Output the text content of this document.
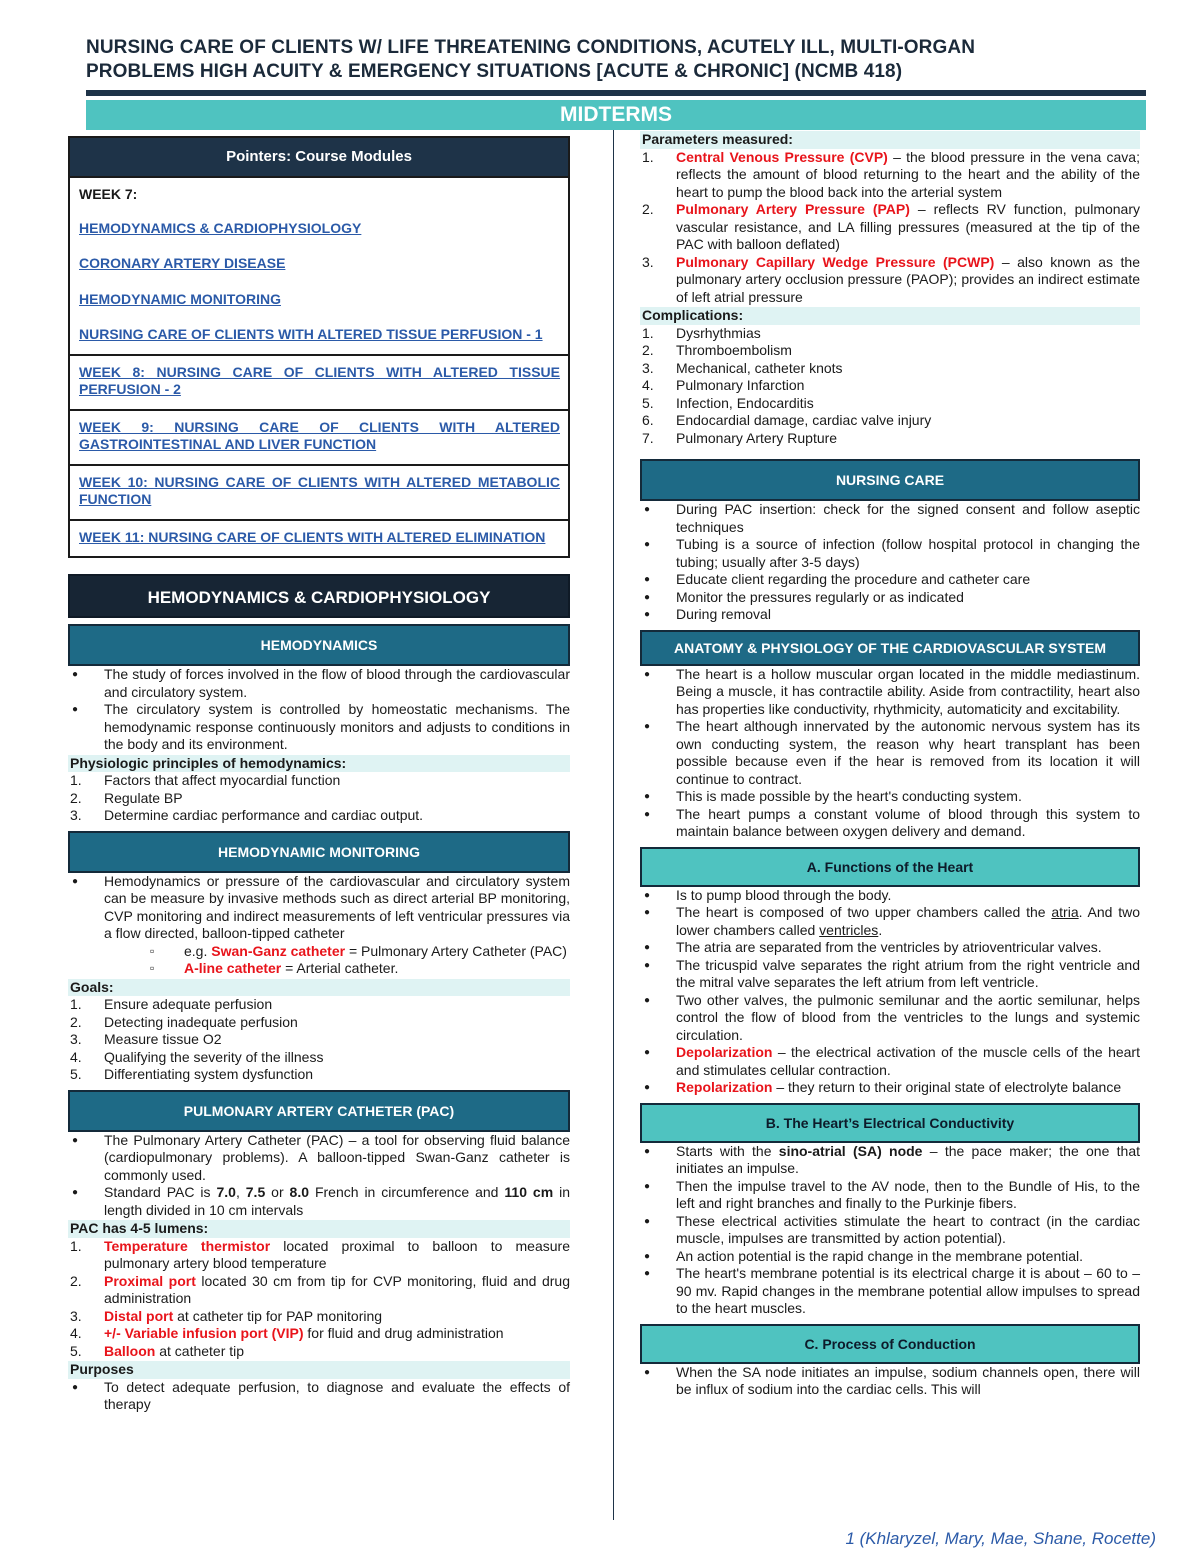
NURSING CARE OF CLIENTS W/ LIFE THREATENING CONDITIONS, ACUTELY ILL, MULTI-ORGAN
PROBLEMS HIGH ACUITY & EMERGENCY SITUATIONS [ACUTE & CHRONIC] (NCMB 418)
MIDTERMS
Pointers: Course Modules
WEEK 7:
HEMODYNAMICS & CARDIOPHYSIOLOGY
CORONARY ARTERY DISEASE
HEMODYNAMIC MONITORING
NURSING CARE OF CLIENTS WITH ALTERED TISSUE PERFUSION - 1
WEEK 8: NURSING CARE OF CLIENTS WITH ALTERED TISSUE PERFUSION - 2
WEEK 9: NURSING CARE OF CLIENTS WITH ALTERED GASTROINTESTINAL AND LIVER FUNCTION
WEEK 10: NURSING CARE OF CLIENTS WITH ALTERED METABOLIC FUNCTION
WEEK 11: NURSING CARE OF CLIENTS WITH ALTERED ELIMINATION
HEMODYNAMICS & CARDIOPHYSIOLOGY
HEMODYNAMICS
● The study of forces involved in the flow of blood through the cardiovascular and circulatory system.
● The circulatory system is controlled by homeostatic mechanisms. The hemodynamic response continuously monitors and adjusts to conditions in the body and its environment.
Physiologic principles of hemodynamics:
1. Factors that affect myocardial function
2. Regulate BP
3. Determine cardiac performance and cardiac output.
HEMODYNAMIC MONITORING
● Hemodynamics or pressure of the cardiovascular and circulatory system can be measure by invasive methods such as direct arterial BP monitoring, CVP monitoring and indirect measurements of left ventricular pressures via a flow directed, balloon-tipped catheter
▫ e.g. Swan-Ganz catheter = Pulmonary Artery Catheter (PAC)
▫ A-line catheter = Arterial catheter.
Goals:
1. Ensure adequate perfusion
2. Detecting inadequate perfusion
3. Measure tissue O2
4. Qualifying the severity of the illness
5. Differentiating system dysfunction
PULMONARY ARTERY CATHETER (PAC)
● The Pulmonary Artery Catheter (PAC) – a tool for observing fluid balance (cardiopulmonary problems). A balloon-tipped Swan-Ganz catheter is commonly used.
● Standard PAC is 7.0, 7.5 or 8.0 French in circumference and 110 cm in length divided in 10 cm intervals
PAC has 4-5 lumens:
1. Temperature thermistor located proximal to balloon to measure pulmonary artery blood temperature
2. Proximal port located 30 cm from tip for CVP monitoring, fluid and drug administration
3. Distal port at catheter tip for PAP monitoring
4. +/- Variable infusion port (VIP) for fluid and drug administration
5. Balloon at catheter tip
Purposes
● To detect adequate perfusion, to diagnose and evaluate the effects of therapy
Parameters measured:
1. Central Venous Pressure (CVP) – the blood pressure in the vena cava; reflects the amount of blood returning to the heart and the ability of the heart to pump the blood back into the arterial system
2. Pulmonary Artery Pressure (PAP) – reflects RV function, pulmonary vascular resistance, and LA filling pressures (measured at the tip of the PAC with balloon deflated)
3. Pulmonary Capillary Wedge Pressure (PCWP) – also known as the pulmonary artery occlusion pressure (PAOP); provides an indirect estimate of left atrial pressure
Complications:
1. Dysrhythmias
2. Thromboembolism
3. Mechanical, catheter knots
4. Pulmonary Infarction
5. Infection, Endocarditis
6. Endocardial damage, cardiac valve injury
7. Pulmonary Artery Rupture
NURSING CARE
● During PAC insertion: check for the signed consent and follow aseptic techniques
● Tubing is a source of infection (follow hospital protocol in changing the tubing; usually after 3-5 days)
● Educate client regarding the procedure and catheter care
● Monitor the pressures regularly or as indicated
● During removal
ANATOMY & PHYSIOLOGY OF THE CARDIOVASCULAR SYSTEM
● The heart is a hollow muscular organ located in the middle mediastinum. Being a muscle, it has contractile ability. Aside from contractility, heart also has properties like conductivity, rhythmicity, automaticity and excitability.
● The heart although innervated by the autonomic nervous system has its own conducting system, the reason why heart transplant has been possible because even if the hear is removed from its location it will continue to contract.
● This is made possible by the heart's conducting system.
● The heart pumps a constant volume of blood through this system to maintain balance between oxygen delivery and demand.
A. Functions of the Heart
● Is to pump blood through the body.
● The heart is composed of two upper chambers called the atria. And two lower chambers called ventricles.
● The atria are separated from the ventricles by atrioventricular valves.
● The tricuspid valve separates the right atrium from the right ventricle and the mitral valve separates the left atrium from left ventricle.
● Two other valves, the pulmonic semilunar and the aortic semilunar, helps control the flow of blood from the ventricles to the lungs and systemic circulation.
● Depolarization – the electrical activation of the muscle cells of the heart and stimulates cellular contraction.
● Repolarization – they return to their original state of electrolyte balance
B. The Heart’s Electrical Conductivity
● Starts with the sino-atrial (SA) node – the pace maker; the one that initiates an impulse.
● Then the impulse travel to the AV node, then to the Bundle of His, to the left and right branches and finally to the Purkinje fibers.
● These electrical activities stimulate the heart to contract (in the cardiac muscle, impulses are transmitted by action potential).
● An action potential is the rapid change in the membrane potential.
● The heart's membrane potential is its electrical charge it is about – 60 to – 90 mv. Rapid changes in the membrane potential allow impulses to spread to the heart muscles.
C. Process of Conduction
● When the SA node initiates an impulse, sodium channels open, there will be influx of sodium into the cardiac cells. This will
1 (Khlaryzel, Mary, Mae, Shane, Rocette)
